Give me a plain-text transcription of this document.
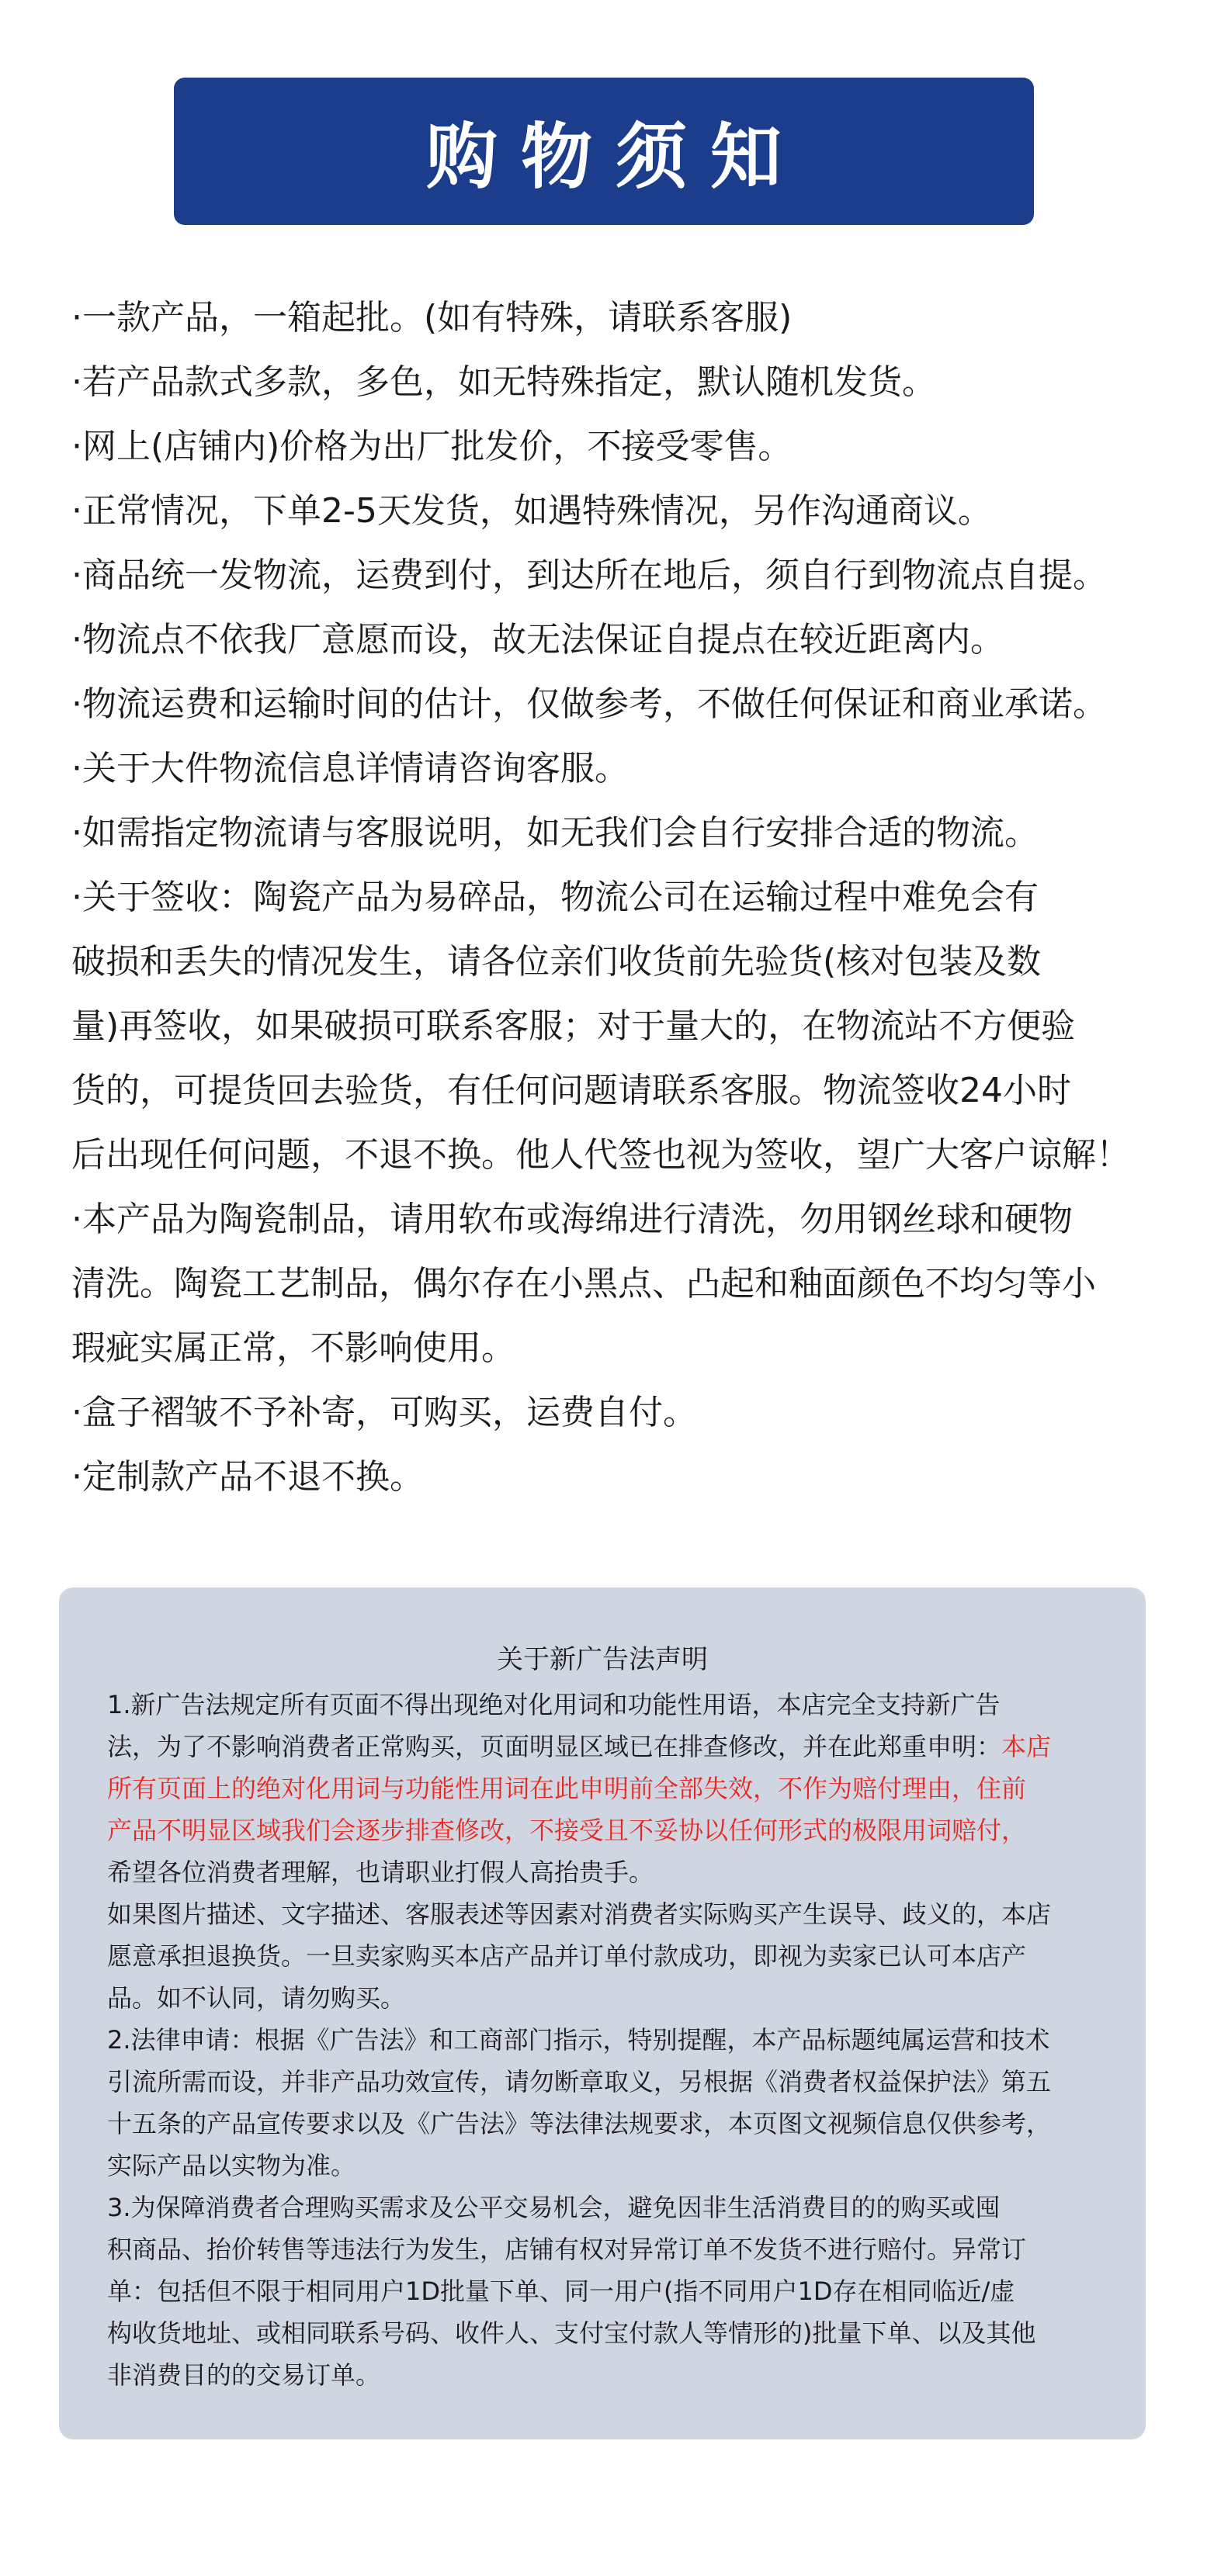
购物须知
·一款产品，一箱起批。(如有特殊，请联系客服)
·若产品款式多款，多色，如无特殊指定，默认随机发货。
·网上(店铺内)价格为出厂批发价，不接受零售。
·正常情况，下单2-5天发货，如遇特殊情况，另作沟通商议。
·商品统一发物流，运费到付，到达所在地后，须自行到物流点自提。
·物流点不依我厂意愿而设，故无法保证自提点在较近距离内。
·物流运费和运输时间的估计，仅做参考，不做任何保证和商业承诺。
·关于大件物流信息详情请咨询客服。
·如需指定物流请与客服说明，如无我们会自行安排合适的物流。
·关于签收：陶瓷产品为易碎品，物流公司在运输过程中难免会有
破损和丢失的情况发生，请各位亲们收货前先验货(核对包装及数
量)再签收，如果破损可联系客服；对于量大的，在物流站不方便验
货的，可提货回去验货，有任何问题请联系客服。物流签收24小时
后出现任何问题，不退不换。他人代签也视为签收，望广大客户谅解！
·本产品为陶瓷制品，请用软布或海绵进行清洗，勿用钢丝球和硬物
清洗。陶瓷工艺制品，偶尔存在小黑点、凸起和釉面颜色不均匀等小
瑕疵实属正常，不影响使用。
·盒子褶皱不予补寄，可购买，运费自付。
·定制款产品不退不换。
关于新广告法声明

1.新广告法规定所有页面不得出现绝对化用词和功能性用语，本店完全支持新广告
法，为了不影响消费者正常购买，页面明显区域已在排查修改，并在此郑重申明：本店
所有页面上的绝对化用词与功能性用词在此申明前全部失效，不作为赔付理由，住前
产品不明显区域我们会逐步排查修改，不接受且不妥协以任何形式的极限用词赔付，
希望各位消费者理解，也请职业打假人高抬贵手。

如果图片描述、文字描述、客服表述等因素对消费者实际购买产生误导、歧义的，本店
愿意承担退换货。一旦卖家购买本店产品并订单付款成功，即视为卖家已认可本店产
品。如不认同，请勿购买。

2.法律申请：根据《广告法》和工商部门指示，特别提醒，本产品标题纯属运营和技术
引流所需而设，并非产品功效宣传，请勿断章取义，另根据《消费者权益保护法》第五
十五条的产品宣传要求以及《广告法》等法律法规要求，本页图文视频信息仅供参考，
实际产品以实物为准。

3.为保障消费者合理购买需求及公平交易机会，避免因非生活消费目的的购买或囤
积商品、抬价转售等违法行为发生，店铺有权对异常订单不发货不进行赔付。异常订
单：包括但不限于相同用户1D批量下单、同一用户(指不同用户1D存在相同临近/虚
构收货地址、或相同联系号码、收件人、支付宝付款人等情形的)批量下单、以及其他
非消费目的的交易订单。
